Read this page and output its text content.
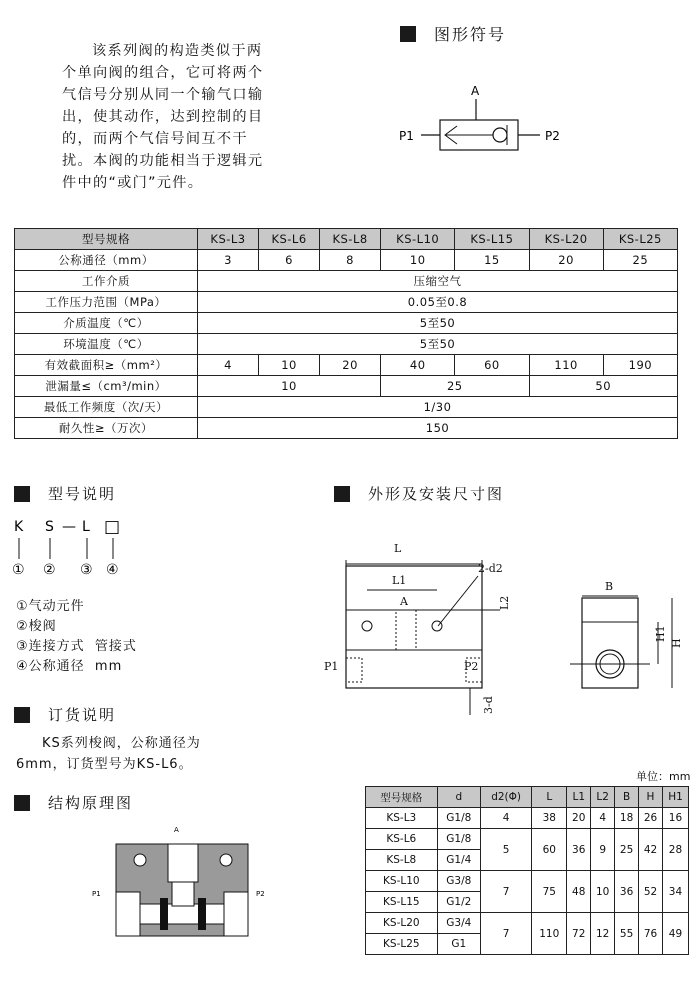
图形符号
A
P1	P2
该系列阀的构造类似于两
个单向阀的组合，它可将两个
气信号分别从同一个输气口输
出，使其动作，达到控制的目
的，而两个气信号间互不干
扰。本阀的功能相当于逻辑元
件中的“或门”元件。
型号规格	KS-L3	KS-L6	KS-L8	KS-L10	KS-L15	KS-L20	KS-L25
公称通径（mm）	3	6	8	10	15	20	25
工作介质	压缩空气						
工作压力范围（MPa）	0.05至0.8						
介质温度（℃）	5至50						
环境温度（℃）	5至50						
有效截面积≥（mm²）	4	10	20	40	60	110	190
泄漏量≤（cm³/min）	10			25		50	
最低工作频度（次/天）	1/30						
耐久性≥（万次）	150						
型号说明
K S — L □
① ② ③ ④
①气动元件
②梭阀
③连接方式  管接式
④公称通径  mm
订货说明
KS系列梭阀，公称通径为
6mm，订货型号为KS-L6。
结构原理图
A
P1	P2
外形及安装尺寸图
L
L1
A
2-d2
L2
P1	P2
3-d
B
H1
H
单位：mm
型号规格	d	d2(Φ)	L	L1	L2	B	H	H1
KS-L3	G1/8	4	38	20	4	18	26	16
KS-L6	G1/8	5	60	36	9	25	42	28
KS-L8	G1/4							
KS-L10	G3/8	7	75	48	10	36	52	34
KS-L15	G1/2							
KS-L20	G3/4	7	110	72	12	55	76	49
KS-L25	G1							
